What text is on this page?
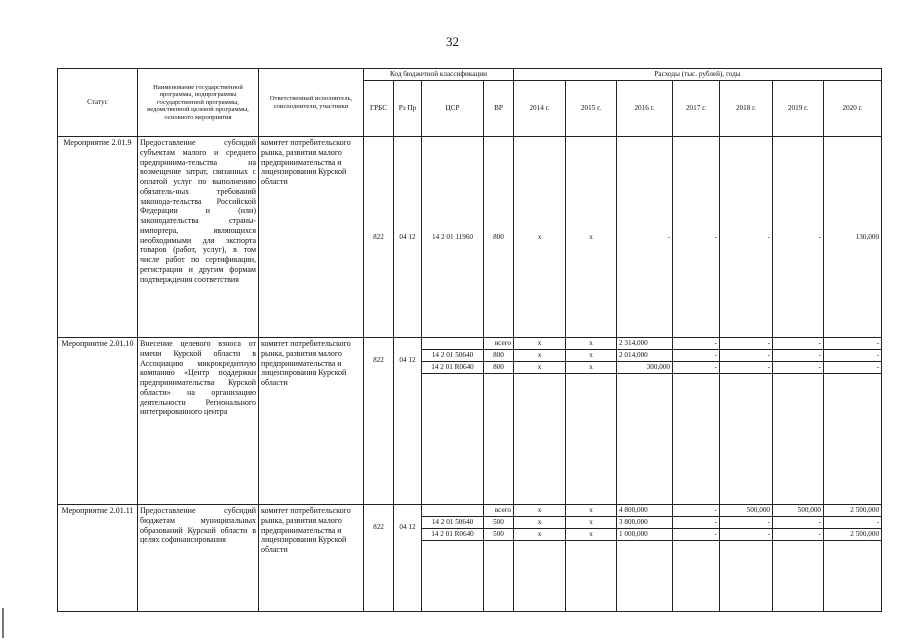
32
Статус	Наименование государственной программы, подпрограммы государственной программы, ведомственной целевой программы, основного мероприятия	Ответственный исполнитель, соисполнители, участники	Код бюджетной классификации				Расходы (тыс. рублей), годы						
			ГРБС	Рз Пр	ЦСР	ВР	2014 г.	2015 г.	2016 г.	2017 г.	2018 г.	2019 г.	2020 г.
Мероприятие 2.01.9	Предоставление субсидий субъектам малого и среднего предпринима-тельства на возмещение затрат, связанных с оплатой услуг по выполнению обязатель-ных требований законода-тельства Российской Федерации и (или) законодательства страны-импортера, являющихся необходимыми для экспорта товаров (работ, услуг), в том числе работ по сертификации, регистрации и другим формам подтверждения соответствия	комитет потребительского рынка, развития малого предпринимательства и лицензирования Курской области	822	04 12	14 2 01 11960	800	x	x	-	-	-	-	130,000
Мероприятие 2.01.10	Внесение целевого взноса от имени Курской области в Ассоциацию микрокредитную компанию «Центр поддержки предпринимательства Курской области» на организацию деятельности Регионального интегрированного центра	комитет потребительского рынка, развития малого предпринимательства и лицензирования Курской области	822	04 12		всего	x	x	2 314,000	-	-	-	-
					14 2 01 50640	800	x	x	2 014,000	-	-	-	-
					14 2 01 R0640	800	x	x	300,000	-	-	-	-

Мероприятие 2.01.11	Предоставление субсидий бюджетам муниципальных образований Курской области в целях софинансирования	комитет потребительского рынка, развития малого предпринимательства и лицензирования Курской области	822	04 12		всего	x	x	4 800,000	-	500,000	500,000	2 500,000
					14 2 01 50640	500	x	x	3 800,000	-	-	-	-
					14 2 01 R0640	500	x	x	1 000,000	-	-	-	2 500,000
